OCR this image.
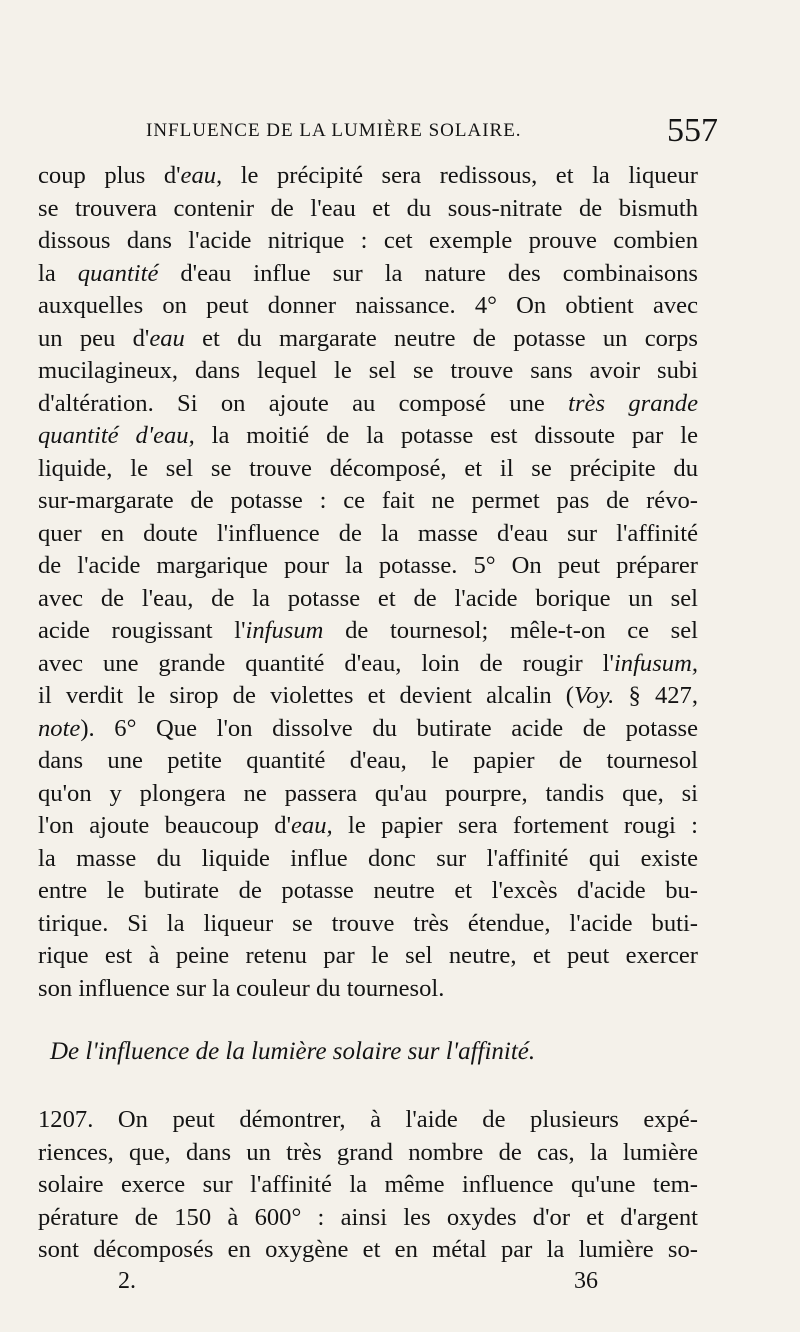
INFLUENCE DE LA LUMIÈRE SOLAIRE.	557
coup plus d'eau, le précipité sera redissous, et la liqueur
se trouvera contenir de l'eau et du sous-nitrate de bismuth
dissous dans l'acide nitrique : cet exemple prouve combien
la quantité d'eau influe sur la nature des combinaisons
auxquelles on peut donner naissance. 4° On obtient avec
un peu d'eau et du margarate neutre de potasse un corps
mucilagineux, dans lequel le sel se trouve sans avoir subi
d'altération. Si on ajoute au composé une très grande
quantité d'eau, la moitié de la potasse est dissoute par le
liquide, le sel se trouve décomposé, et il se précipite du
sur-margarate de potasse : ce fait ne permet pas de révo-
quer en doute l'influence de la masse d'eau sur l'affinité
de l'acide margarique pour la potasse. 5° On peut préparer
avec de l'eau, de la potasse et de l'acide borique un sel
acide rougissant l'infusum de tournesol; mêle-t-on ce sel
avec une grande quantité d'eau, loin de rougir l'infusum,
il verdit le sirop de violettes et devient alcalin (Voy. § 427,
note). 6° Que l'on dissolve du butirate acide de potasse
dans une petite quantité d'eau, le papier de tournesol
qu'on y plongera ne passera qu'au pourpre, tandis que, si
l'on ajoute beaucoup d'eau, le papier sera fortement rougi :
la masse du liquide influe donc sur l'affinité qui existe
entre le butirate de potasse neutre et l'excès d'acide bu-
tirique. Si la liqueur se trouve très étendue, l'acide buti-
rique est à peine retenu par le sel neutre, et peut exercer
son influence sur la couleur du tournesol.
De l'influence de la lumière solaire sur l'affinité.
1207. On peut démontrer, à l'aide de plusieurs expé-
riences, que, dans un très grand nombre de cas, la lumière
solaire exerce sur l'affinité la même influence qu'une tem-
pérature de 150 à 600° : ainsi les oxydes d'or et d'argent
sont décomposés en oxygène et en métal par la lumière so-
2.	36
